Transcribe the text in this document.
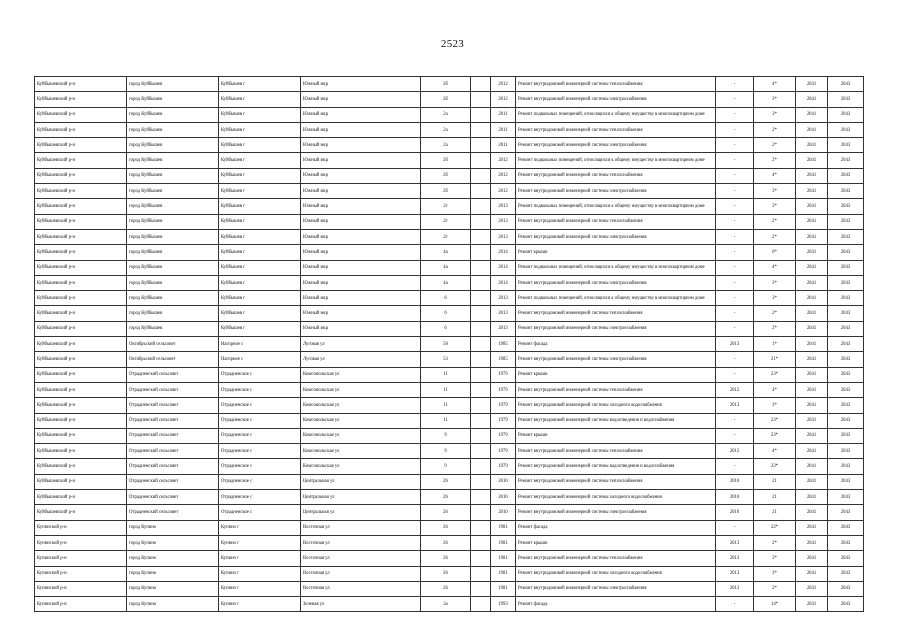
2523
Куйбышевский р-н	город Куйбышев	Куйбышев г	Южный мкр	2б		2012	Ремонт внутридомовой инженерной системы теплоснабжения	-	4*	2041	2043
Куйбышевский р-н	город Куйбышев	Куйбышев г	Южный мкр	2б		2012	Ремонт внутридомовой инженерной системы электроснабжения	-	3*	2041	2043
Куйбышевский р-н	город Куйбышев	Куйбышев г	Южный мкр	2а		2011	Ремонт подвальных помещений, относящихся к общему имуществу в многоквартирном доме	-	3*	2041	2043
Куйбышевский р-н	город Куйбышев	Куйбышев г	Южный мкр	2а		2011	Ремонт внутридомовой инженерной системы теплоснабжения	-	2*	2041	2043
Куйбышевский р-н	город Куйбышев	Куйбышев г	Южный мкр	2а		2011	Ремонт внутридомовой инженерной системы электроснабжения	-	2*	2041	2043
Куйбышевский р-н	город Куйбышев	Куйбышев г	Южный мкр	2б		2012	Ремонт подвальных помещений, относящихся к общему имуществу в многоквартирном доме	-	2*	2041	2043
Куйбышевский р-н	город Куйбышев	Куйбышев г	Южный мкр	2б		2012	Ремонт внутридомовой инженерной системы теплоснабжения	-	4*	2041	2043
Куйбышевский р-н	город Куйбышев	Куйбышев г	Южный мкр	2б		2012	Ремонт внутридомовой инженерной системы электроснабжения	-	3*	2041	2043
Куйбышевский р-н	город Куйбышев	Куйбышев г	Южный мкр	2г		2013	Ремонт подвальных помещений, относящихся к общему имуществу в многоквартирном доме	-	3*	2041	2043
Куйбышевский р-н	город Куйбышев	Куйбышев г	Южный мкр	2г		2013	Ремонт внутридомовой инженерной системы теплоснабжения	-	2*	2041	2043
Куйбышевский р-н	город Куйбышев	Куйбышев г	Южный мкр	2г		2013	Ремонт внутридомовой инженерной системы электроснабжения	-	2*	2041	2043
Куйбышевский р-н	город Куйбышев	Куйбышев г	Южный мкр	4а		2014	Ремонт крыши	-	0*	2041	2043
Куйбышевский р-н	город Куйбышев	Куйбышев г	Южный мкр	4а		2014	Ремонт подвальных помещений, относящихся к общему имуществу в многоквартирном доме	-	4*	2041	2043
Куйбышевский р-н	город Куйбышев	Куйбышев г	Южный мкр	4а		2014	Ремонт внутридомовой инженерной системы электроснабжения	-	3*	2041	2043
Куйбышевский р-н	город Куйбышев	Куйбышев г	Южный мкр	6		2013	Ремонт подвальных помещений, относящихся к общему имуществу в многоквартирном доме	-	3*	2041	2043
Куйбышевский р-н	город Куйбышев	Куйбышев г	Южный мкр	6		2013	Ремонт внутридомовой инженерной системы теплоснабжения	-	2*	2041	2043
Куйбышевский р-н	город Куйбышев	Куйбышев г	Южный мкр	6		2013	Ремонт внутридомовой инженерной системы электроснабжения	-	2*	2041	2043
Куйбышевский р-н	Октябрьский сельсовет	Нагорное с	Луговая ул	58		1985	Ремонт фасада	2013	1*	2041	2043
Куйбышевский р-н	Октябрьский сельсовет	Нагорное с	Луговая ул	53		1985	Ремонт внутридомовой инженерной системы электроснабжения	-	21*	2041	2043
Куйбышевский р-н	Отрадненский сельсовет	Отрадненское с	Комсомольская ул	11		1979	Ремонт крыши	-	23*	2041	2043
Куйбышевский р-н	Отрадненский сельсовет	Отрадненское с	Комсомольская ул	11		1979	Ремонт внутридомовой инженерной системы теплоснабжения	2012	4*	2041	2043
Куйбышевский р-н	Отрадненский сельсовет	Отрадненское с	Комсомольская ул	11		1979	Ремонт внутридомовой инженерной системы холодного водоснабжения	2013	3*	2041	2043
Куйбышевский р-н	Отрадненский сельсовет	Отрадненское с	Комсомольская ул	11		1979	Ремонт внутридомовой инженерной системы водоотведения и водоснабжения	-	23*	2041	2043
Куйбышевский р-н	Отрадненский сельсовет	Отрадненское с	Комсомольская ул	9		1979	Ремонт крыши	-	23*	2041	2043
Куйбышевский р-н	Отрадненский сельсовет	Отрадненское с	Комсомольская ул	9		1979	Ремонт внутридомовой инженерной системы теплоснабжения	2012	4*	2041	2043
Куйбышевский р-н	Отрадненский сельсовет	Отрадненское с	Комсомольская ул	9		1979	Ремонт внутридомовой инженерной системы водоотведения и водоснабжения	-	23*	2041	2043
Куйбышевский р-н	Отрадненский сельсовет	Отрадненское с	Центральная ул	26		2010	Ремонт внутридомовой инженерной системы теплоснабжения	2010	21	2041	2043
Куйбышевский р-н	Отрадненский сельсовет	Отрадненское с	Центральная ул	26		2010	Ремонт внутридомовой инженерной системы холодного водоснабжения	2010	21	2041	2043
Куйбышевский р-н	Отрадненский сельсовет	Отрадненское с	Центральная ул	26		2010	Ремонт внутридомовой инженерной системы электроснабжения	2010	21	2041	2043
Купинский р-н	город Купино	Купино г	Восточная ул	26		1981	Ремонт фасада	-	22*	2041	2043
Купинский р-н	город Купино	Купино г	Восточная ул	26		1981	Ремонт крыши	2013	2*	2041	2043
Купинский р-н	город Купино	Купино г	Восточная ул	26		1981	Ремонт внутридомовой инженерной системы теплоснабжения	2013	3*	2041	2043
Купинский р-н	город Купино	Купино г	Восточная ул	26		1981	Ремонт внутридомовой инженерной системы холодного водоснабжения	2013	3*	2041	2043
Купинский р-н	город Купино	Купино г	Восточная ул	26		1981	Ремонт внутридомовой инженерной системы электроснабжения	2013	2*	2041	2043
Купинский р-н	город Купино	Купино г	Зеленая ул	3а		1993	Ремонт фасада	-	14*	2041	2043
